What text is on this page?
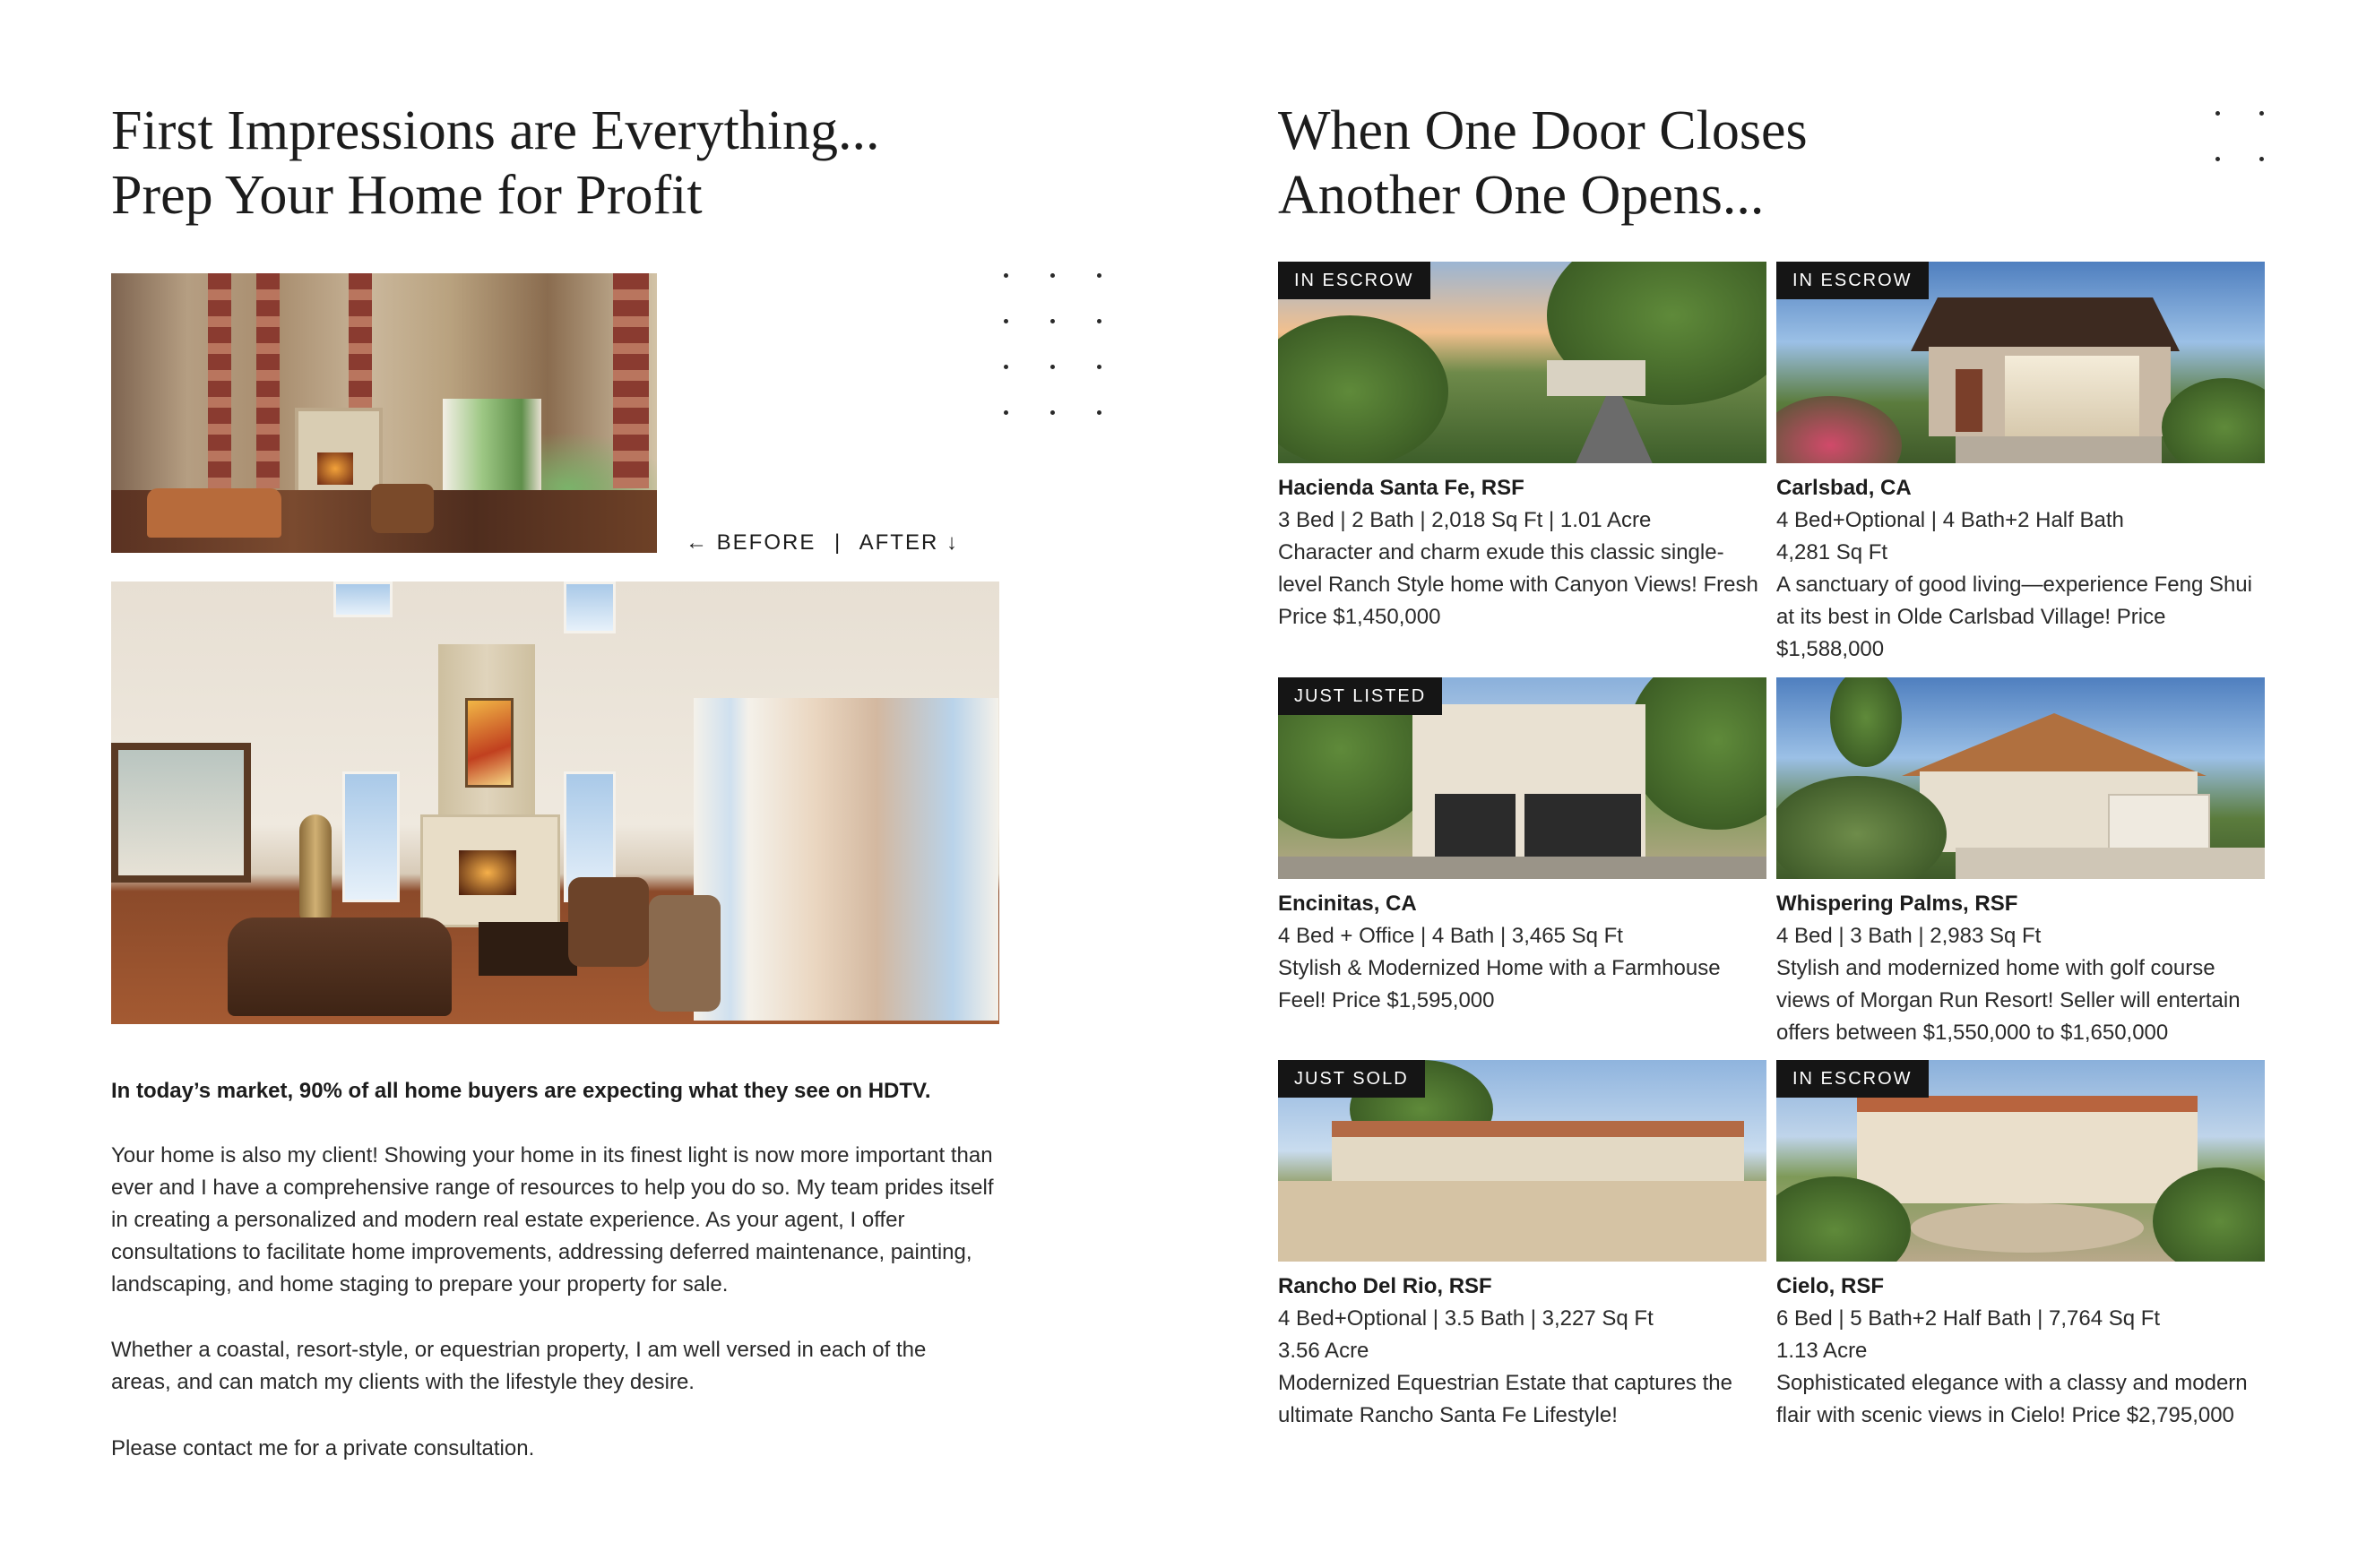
First Impressions are Everything...
Prep Your Home for Profit
← BEFORE | AFTER ↓

In today’s market, 90% of all home buyers are expecting what they see on HDTV.

Your home is also my client! Showing your home in its finest light is now more important than ever and I have a comprehensive range of resources to help you do so. My team prides itself in creating a personalized and modern real estate experience. As your agent, I offer consultations to facilitate home improvements, addressing deferred maintenance, painting, landscaping, and home staging to prepare your property for sale.

Whether a coastal, resort-style, or equestrian property, I am well versed in each of the areas, and can match my clients with the lifestyle they desire.

Please contact me for a private consultation.

When One Door Closes
Another One Opens...
IN ESCROW
Hacienda Santa Fe, RSF
3 Bed | 2 Bath | 2,018 Sq Ft | 1.01 Acre
Character and charm exude this classic single-level Ranch Style home with Canyon Views! Fresh Price $1,450,000
IN ESCROW
Carlsbad, CA
4 Bed+Optional | 4 Bath+2 Half Bath
4,281 Sq Ft
A sanctuary of good living—experience Feng Shui at its best in Olde Carlsbad Village! Price $1,588,000
JUST LISTED
Encinitas, CA
4 Bed + Office | 4 Bath | 3,465 Sq Ft
Stylish & Modernized Home with a Farmhouse Feel! Price $1,595,000
Whispering Palms, RSF
4 Bed | 3 Bath | 2,983 Sq Ft
Stylish and modernized home with golf course views of Morgan Run Resort! Seller will entertain offers between $1,550,000 to $1,650,000
JUST SOLD
Rancho Del Rio, RSF
4 Bed+Optional | 3.5 Bath | 3,227 Sq Ft
3.56 Acre
Modernized Equestrian Estate that captures the ultimate Rancho Santa Fe Lifestyle!
IN ESCROW
Cielo, RSF
6 Bed | 5 Bath+2 Half Bath | 7,764 Sq Ft
1.13 Acre
Sophisticated elegance with a classy and modern flair with scenic views in Cielo! Price $2,795,000
